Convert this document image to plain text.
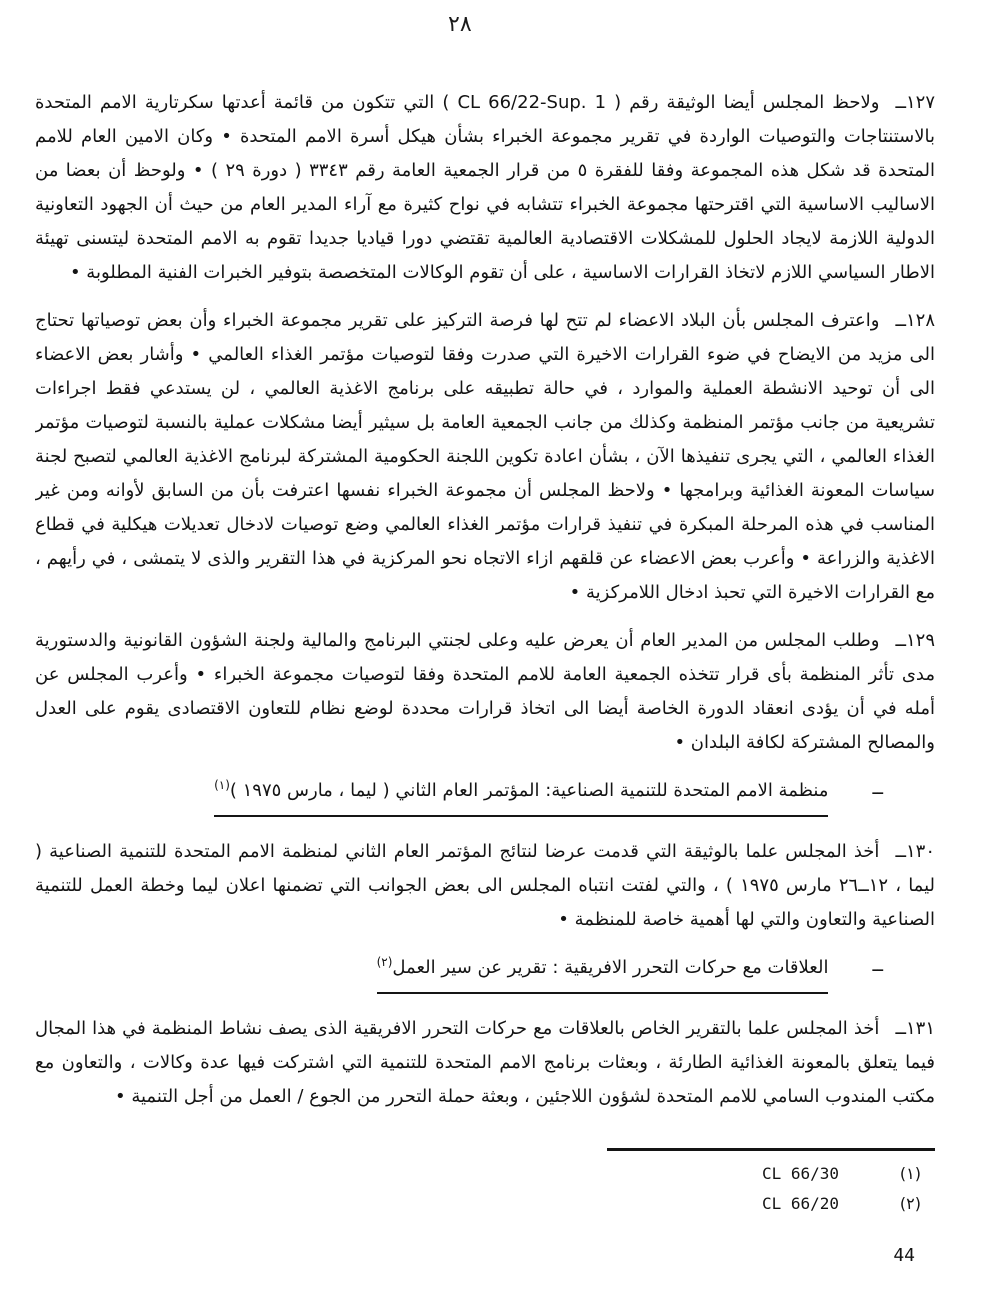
٢٨

١٢٧ــولاحظ المجلس أيضا الوثيقة رقم ( ⁦CL 66/22-Sup. 1⁩ ) التي تتكون من قائمة أعدتها سكرتارية الامم المتحدة بالاستنتاجات والتوصيات الواردة في تقرير مجموعة الخبراء بشأن هيكل أسرة الامم المتحدة • وكان الامين العام للامم المتحدة قد شكل هذه المجموعة وفقا للفقرة ٥ من قرار الجمعية العامة رقم ٣٣٤٣ ( دورة ٢٩ ) • ولوحظ أن بعضا من الاساليب الاساسية التي اقترحتها مجموعة الخبراء تتشابه في نواح كثيرة مع آراء المدير العام من حيث أن الجهود التعاونية الدولية اللازمة لايجاد الحلول للمشكلات الاقتصادية العالمية تقتضي دورا قياديا جديدا تقوم به الامم المتحدة ليتسنى تهيئة الاطار السياسي اللازم لاتخاذ القرارات الاساسية ، على أن تقوم الوكالات المتخصصة بتوفير الخبرات الفنية المطلوبة •

١٢٨ــواعترف المجلس بأن البلاد الاعضاء لم تتح لها فرصة التركيز على تقرير مجموعة الخبراء وأن بعض توصياتها تحتاج الى مزيد من الايضاح في ضوء القرارات الاخيرة التي صدرت وفقا لتوصيات مؤتمر الغذاء العالمي • وأشار بعض الاعضاء الى أن توحيد الانشطة العملية والموارد ، في حالة تطبيقه على برنامج الاغذية العالمي ، لن يستدعي فقط اجراءات تشريعية من جانب مؤتمر المنظمة وكذلك من جانب الجمعية العامة بل سيثير أيضا مشكلات عملية بالنسبة لتوصيات مؤتمر الغذاء العالمي ، التي يجرى تنفيذها الآن ، بشأن اعادة تكوين اللجنة الحكومية المشتركة لبرنامج الاغذية العالمي لتصبح لجنة سياسات المعونة الغذائية وبرامجها • ولاحظ المجلس أن مجموعة الخبراء نفسها اعترفت بأن من السابق لأوانه ومن غير المناسب في هذه المرحلة المبكرة في تنفيذ قرارات مؤتمر الغذاء العالمي وضع توصيات لادخال تعديلات هيكلية في قطاع الاغذية والزراعة • وأعرب بعض الاعضاء عن قلقهم ازاء الاتجاه نحو المركزية في هذا التقرير والذى لا يتمشى ، في رأيهم ، مع القرارات الاخيرة التي تحبذ ادخال اللامركزية •

١٢٩ــوطلب المجلس من المدير العام أن يعرض عليه وعلى لجنتي البرنامج والمالية ولجنة الشؤون القانونية والدستورية مدى تأثر المنظمة بأى قرار تتخذه الجمعية العامة للامم المتحدة وفقا لتوصيات مجموعة الخبراء • وأعرب المجلس عن أمله في أن يؤدى انعقاد الدورة الخاصة أيضا الى اتخاذ قرارات محددة لوضع نظام للتعاون الاقتصادى يقوم على العدل والمصالح المشتركة لكافة البلدان •

ــ
منظمة الامم المتحدة للتنمية الصناعية: المؤتمر العام الثاني ( ليما ، مارس ١٩٧٥ )$^{(١)}$

١٣٠ــأخذ المجلس علما بالوثيقة التي قدمت عرضا لنتائج المؤتمر العام الثاني لمنظمة الامم المتحدة للتنمية الصناعية ( ليما ، ١٢ــ٢٦ مارس ١٩٧٥ ) ، والتي لفتت انتباه المجلس الى بعض الجوانب التي تضمنها اعلان ليما وخطة العمل للتنمية الصناعية والتعاون والتي لها أهمية خاصة للمنظمة •

ــ
العلاقات مع حركات التحرر الافريقية : تقرير عن سير العمل$^{(٢)}$

١٣١ــأخذ المجلس علما بالتقرير الخاص بالعلاقات مع حركات التحرر الافريقية الذى يصف نشاط المنظمة في هذا المجال فيما يتعلق بالمعونة الغذائية الطارئة ، وبعثات برنامج الامم المتحدة للتنمية التي اشتركت فيها عدة وكالات ، والتعاون مع مكتب المندوب السامي للامم المتحدة لشؤون اللاجئين ، وبعثة حملة التحرر من الجوع / العمل من أجل التنمية •

(١)
CL 66/30
(٢)
CL 66/20
44
